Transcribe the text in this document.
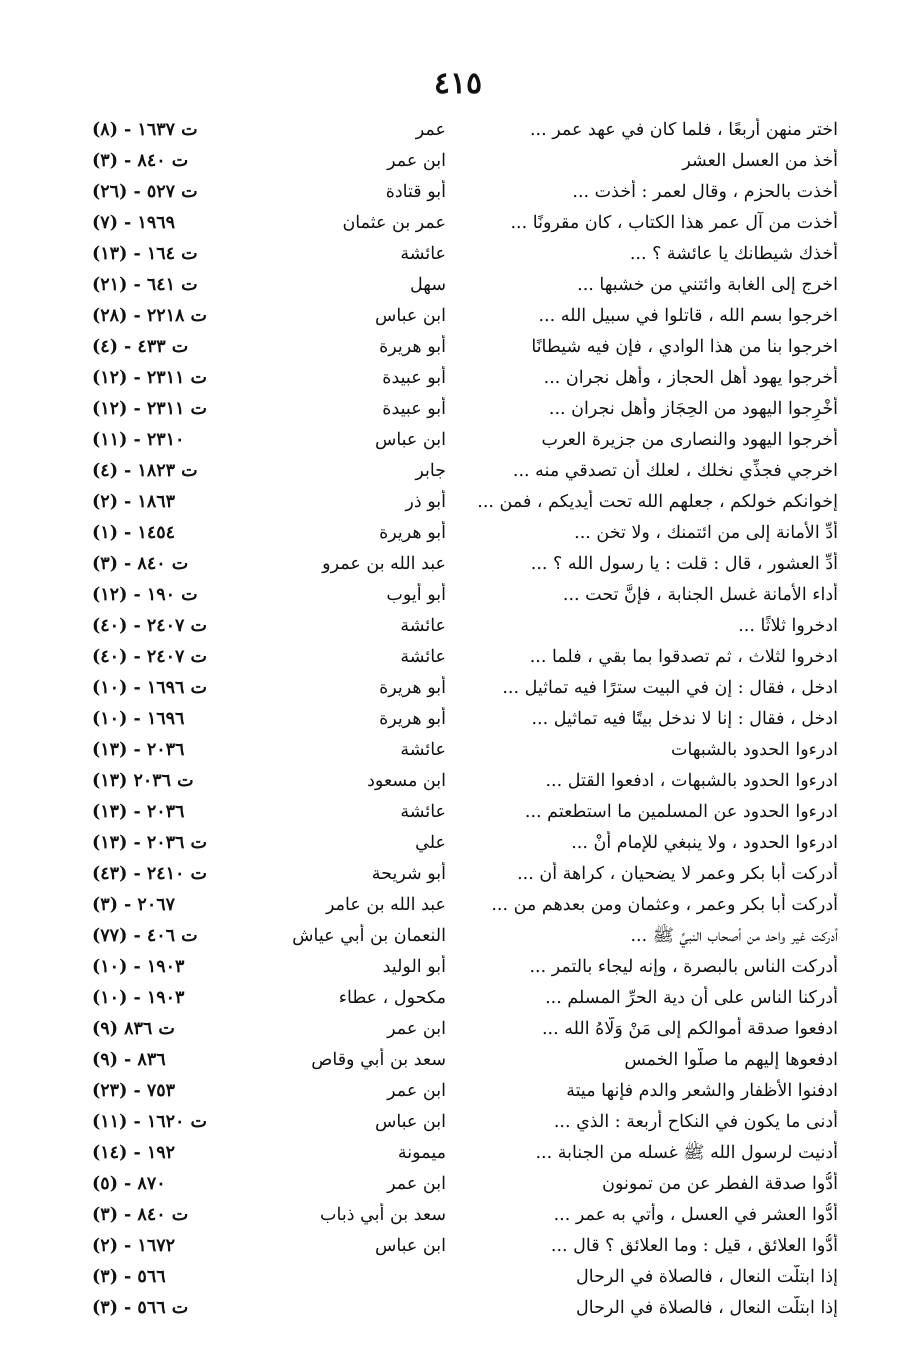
٤١٥
اختر منهن أربعًا ، فلما كان في عهد عمر ...
عمر
ت ١٦٣٧ - (٨)
أخذ من العسل العشر
ابن عمر
ت ٨٤٠ - (٣)
أخذت بالحزم ، وقال لعمر : أخذت ...
أبو قتادة
ت ٥٢٧ - (٢٦)
أخذت من آل عمر هذا الكتاب ، كان مقرونًا ...
عمر بن عثمان
١٩٦٩ - (٧)
أخذك شيطانك يا عائشة ؟ ...
عائشة
ت ١٦٤ - (١٣)
اخرج إلى الغابة وائتني من خشبها ...
سهل
ت ٦٤١ - (٢١)
اخرجوا بسم الله ، قاتلوا في سبيل الله ...
ابن عباس
ت ٢٢١٨ - (٢٨)
اخرجوا بنا من هذا الوادي ، فإن فيه شيطانًا
أبو هريرة
ت ٤٣٣ - (٤)
أخرجوا يهود أهل الحجاز ، وأهل نجران ...
أبو عبيدة
ت ٢٣١١ - (١٢)
أَخْرِجوا اليهود من الحِجَاز وأهل نجران ...
أبو عبيدة
ت ٢٣١١ - (١٢)
أخرجوا اليهود والنصارى من جزيرة العرب
ابن عباس
٢٣١٠ - (١١)
اخرجي فجذِّي نخلك ، لعلك أن تصدقي منه ...
جابر
ت ١٨٢٣ - (٤)
إخوانكم خولكم ، جعلهم الله تحت أيديكم ، فمن ...
أبو ذر
١٨٦٣ - (٢)
أدِّ الأمانة إلى من ائتمنك ، ولا تخن ...
أبو هريرة
١٤٥٤ - (١)
أدِّ العشور ، قال : قلت : يا رسول الله ؟ ...
عبد الله بن عمرو
ت ٨٤٠ - (٣)
أداء الأمانة غسل الجنابة ، فإنَّ تحت ...
أبو أيوب
ت ١٩٠ - (١٢)
ادخروا ثلاثًا ...
عائشة
ت ٢٤٠٧ - (٤٠)
ادخروا لثلاث ، ثم تصدقوا بما بقي ، فلما ...
عائشة
ت ٢٤٠٧ - (٤٠)
ادخل ، فقال : إن في البيت سترًا فيه تماثيل ...
أبو هريرة
ت ١٦٩٦ - (١٠)
ادخل ، فقال : إنا لا ندخل بيتًا فيه تماثيل ...
أبو هريرة
١٦٩٦ - (١٠)
ادرءوا الحدود بالشبهات
عائشة
٢٠٣٦ - (١٣)
ادرءوا الحدود بالشبهات ، ادفعوا القتل ...
ابن مسعود
ت ٢٠٣٦ (١٣)
ادرءوا الحدود عن المسلمين ما استطعتم ...
عائشة
٢٠٣٦ - (١٣)
ادرءوا الحدود ، ولا ينبغي للإمام أنْ ...
علي
ت ٢٠٣٦ - (١٣)
أدركت أبا بكر وعمر لا يضحيان ، كراهة أن ...
أبو شريحة
ت ٢٤١٠ - (٤٣)
أدركت أبا بكر وعمر ، وعثمان ومن بعدهم من ...
عبد الله بن عامر
٢٠٦٧ - (٣)
أدركت غير واحد من أصحاب النبيِّ ﷺ ...
النعمان بن أبي عياش
ت ٤٠٦ - (٧٧)
أدركت الناس بالبصرة ، وإنه ليجاء بالتمر ...
أبو الوليد
١٩٠٣ - (١٠)
أدركنا الناس على أن دية الحرِّ المسلم ...
مكحول ، عطاء
١٩٠٣ - (١٠)
ادفعوا صدقة أموالكم إلى مَنْ وَلَّاهُ الله ...
ابن عمر
ت ٨٣٦ (٩)
ادفعوها إليهم ما صلَّوا الخمس
سعد بن أبي وقاص
٨٣٦ - (٩)
ادفنوا الأظفار والشعر والدم فإنها ميتة
ابن عمر
٧٥٣ - (٢٣)
أدنى ما يكون في النكاح أربعة : الذي ...
ابن عباس
ت ١٦٢٠ - (١١)
أدنيت لرسول الله ﷺ غسله من الجنابة ...
ميمونة
١٩٢ - (١٤)
أدُّوا صدقة الفطر عن من تمونون
ابن عمر
٨٧٠ - (٥)
أدُّوا العشر في العسل ، وأُتي به عمر ...
سعد بن أبي ذباب
ت ٨٤٠ - (٣)
أدُّوا العلائق ، قيل : وما العلائق ؟ قال ...
ابن عباس
١٦٧٢ - (٢)
إذا ابتلَّت النعال ، فالصلاة في الرحال
٥٦٦ - (٣)
إذا ابتلَّت النعال ، فالصلاة في الرحال
ت ٥٦٦ - (٣)
